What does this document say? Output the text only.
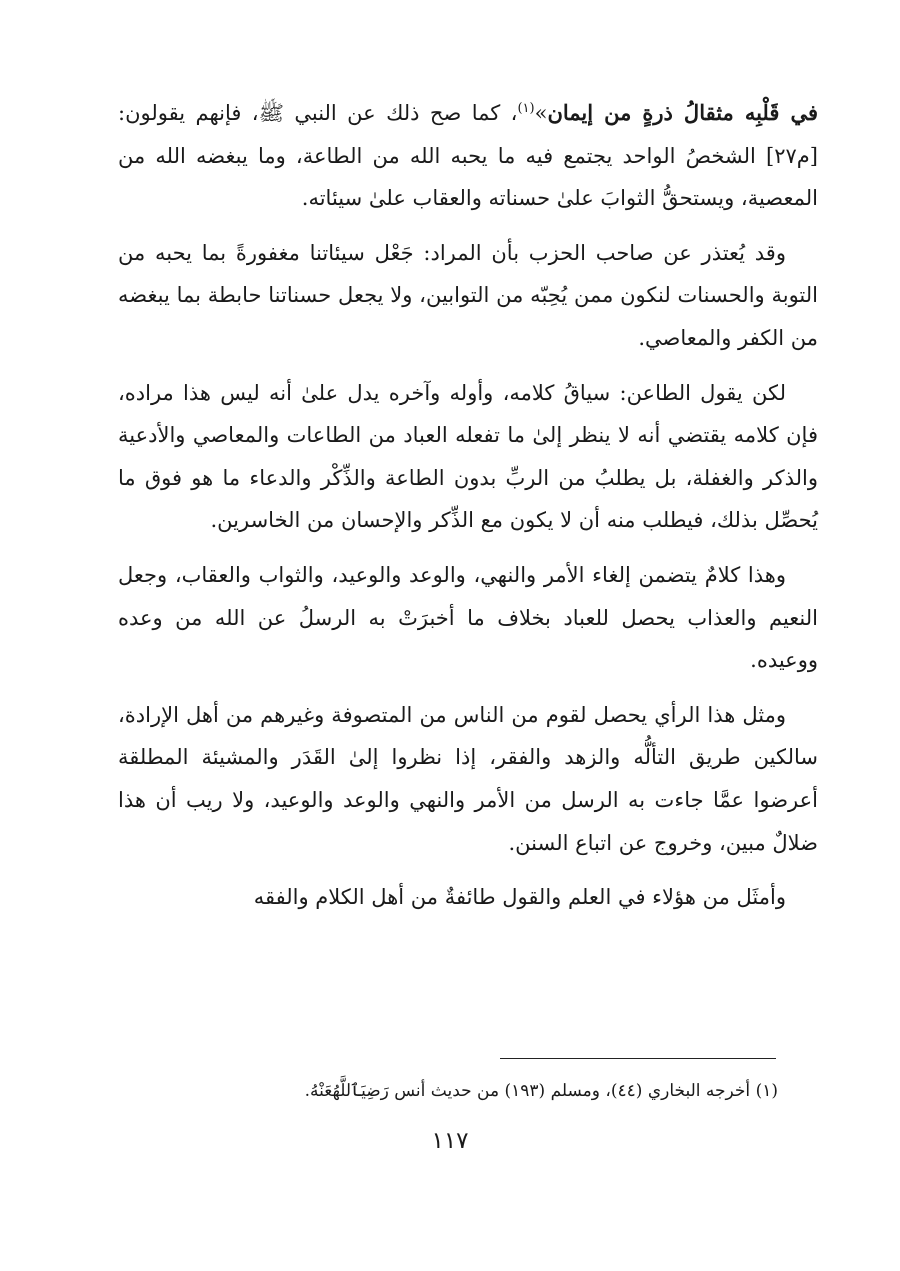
في قَلْبِه مثقالُ ذرةٍ من إيمان»$^{(١)}$، كما صح ذلك عن النبي ﷺ، فإنهم يقولون: [م٢٧] الشخصُ الواحد يجتمع فيه ما يحبه الله من الطاعة، وما يبغضه الله من المعصية، ويستحقُّ الثوابَ علىٰ حسناته والعقاب علىٰ سيئاته.

وقد يُعتذر عن صاحب الحزب بأن المراد: جَعْل سيئاتنا مغفورةً بما يحبه من التوبة والحسنات لنكون ممن يُحِبّه من التوابين، ولا يجعل حسناتنا حابطة بما يبغضه من الكفر والمعاصي.

لكن يقول الطاعن: سياقُ كلامه، وأوله وآخره يدل علىٰ أنه ليس هذا مراده، فإن كلامه يقتضي أنه لا ينظر إلىٰ ما تفعله العباد من الطاعات والمعاصي والأدعية والذكر والغفلة، بل يطلبُ من الربِّ بدون الطاعة والذِّكْر والدعاء ما هو فوق ما يُحصِّل بذلك، فيطلب منه أن لا يكون مع الذِّكر والإحسان من الخاسرين.

وهذا كلامٌ يتضمن إلغاء الأمر والنهي، والوعد والوعيد، والثواب والعقاب، وجعل النعيم والعذاب يحصل للعباد بخلاف ما أخبرَتْ به الرسلُ عن الله من وعده ووعيده.

ومثل هذا الرأي يحصل لقوم من الناس من المتصوفة وغيرهم من أهل الإرادة، سالكين طريق التألُّه والزهد والفقر، إذا نظروا إلىٰ القَدَر والمشيئة المطلقة أعرضوا عمَّا جاءت به الرسل من الأمر والنهي والوعد والوعيد، ولا ريب أن هذا ضلالٌ مبين، وخروج عن اتباع السنن.

وأمثَل من هؤلاء في العلم والقول طائفةٌ من أهل الكلام والفقه

(١) أخرجه البخاري (٤٤)، ومسلم (١٩٣) من حديث أنس رَضِيَٱللَّهُعَنْهُ.
١١٧
